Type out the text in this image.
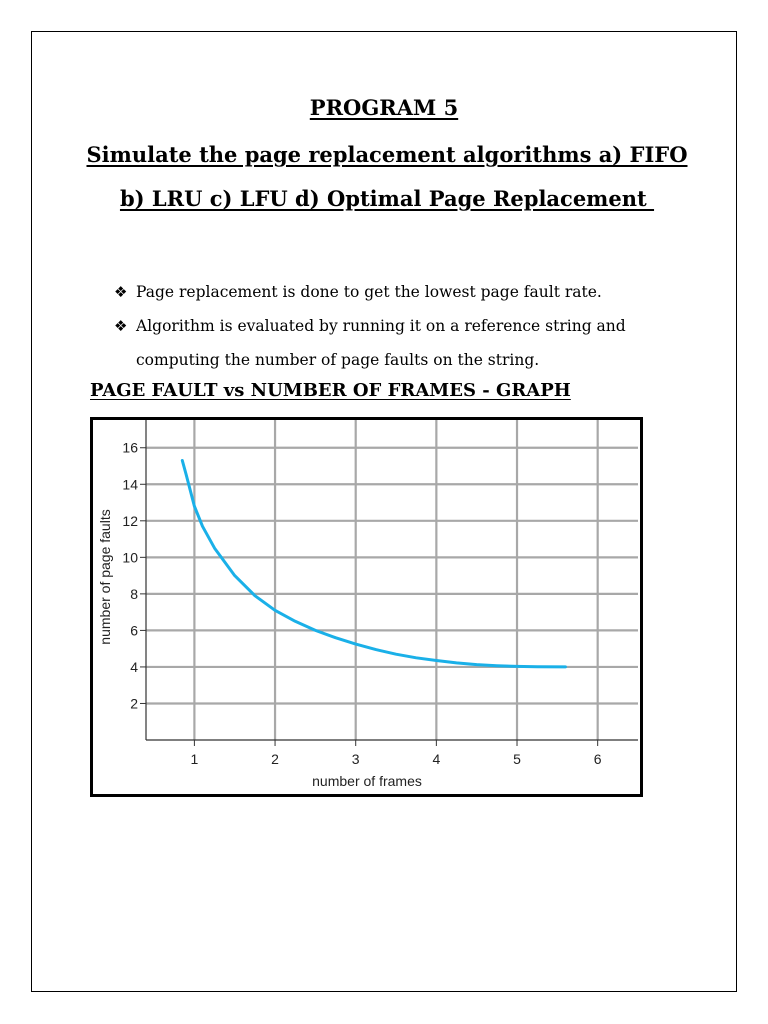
PROGRAM 5
Simulate the page replacement algorithms a) FIFO
b) LRU c) LFU d) Optimal Page Replacement
❖ Page replacement is done to get the lowest page fault rate.
❖ Algorithm is evaluated by running it on a reference string and
computing the number of page faults on the string.
PAGE FAULT vs NUMBER OF FRAMES - GRAPH
1	2	3	4	5	6
2
4
6
8
10
12
14
16
number of frames
number of page faults
